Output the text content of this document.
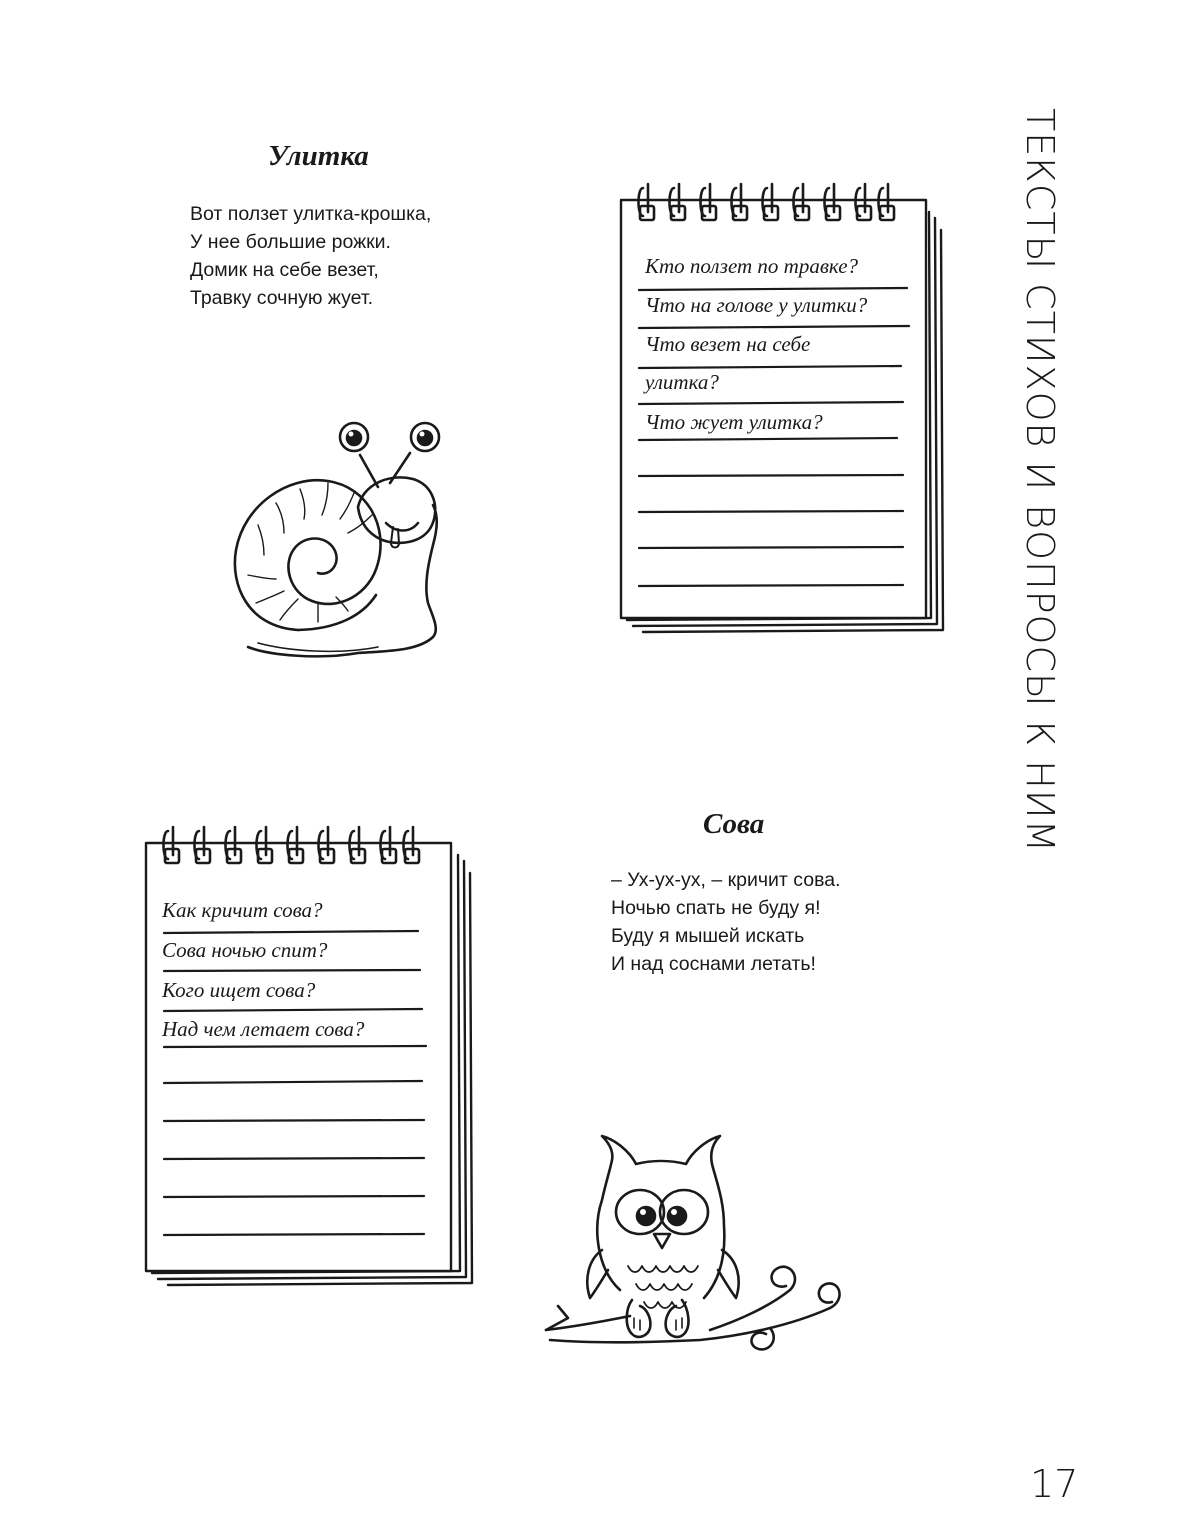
ТЕКСТЫ СТИХОВ И ВОПРОСЫ К НИМ
Улитка
Вот ползет улитка-крошка,
У нее большие рожки.
Домик на себе везет,
Травку сочную жует.
Кто ползет по травке?
Что на голове у улитки?
Что везет на себе
улитка?
Что жует улитка?
Как кричит сова?
Сова ночью спит?
Кого ищет сова?
Над чем летает сова?
Сова
– Ух-ух-ух, – кричит сова.
Ночью спать не буду я!
Буду я мышей искать
И над соснами летать!
17
